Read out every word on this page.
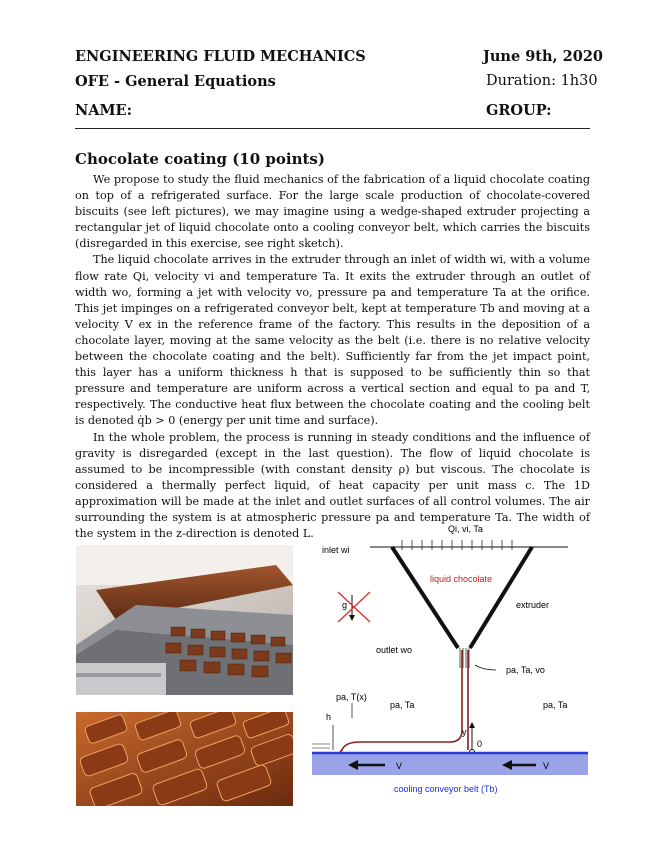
ENGINEERING FLUID MECHANICS	June 9th, 2020
OFE - General Equations	Duration: 1h30
NAME:	GROUP:
Chocolate coating (10 points)

We propose to study the fluid mechanics of the fabrication of a liquid chocolate coating on top of a refrigerated surface. For the large scale production of chocolate-covered biscuits (see left pictures), we may imagine using a wedge-shaped extruder projecting a rectangular jet of liquid chocolate onto a cooling conveyor belt, which carries the biscuits (disregarded in this exercise, see right sketch).

The liquid chocolate arrives in the extruder through an inlet of width wi, with a volume flow rate Qi, velocity vi and temperature Ta. It exits the extruder through an outlet of width wo, forming a jet with velocity vo, pressure pa and temperature Ta at the orifice. This jet impinges on a refrigerated conveyor belt, kept at temperature Tb and moving at a velocity V ex in the reference frame of the factory. This results in the deposition of a chocolate layer, moving at the same velocity as the belt (i.e. there is no relative velocity between the chocolate coating and the belt). Sufficiently far from the jet impact point, this layer has a uniform thickness h that is supposed to be sufficiently thin so that pressure and temperature are uniform across a vertical section and equal to pa and T, respectively. The conductive heat flux between the chocolate coating and the cooling belt is denoted q̇b > 0 (energy per unit time and surface).

In the whole problem, the process is running in steady conditions and the influence of gravity is disregarded (except in the last question). The flow of liquid chocolate is assumed to be incompressible (with constant density ρ) but viscous. The chocolate is considered a thermally perfect liquid, of heat capacity per unit mass c. The 1D approximation will be made at the inlet and outlet surfaces of all control volumes. The air surrounding the system is at atmospheric pressure pa and temperature Ta. The width of the system in the z-direction is denoted L.	Qi, vi, Ta
inlet wi
liquid chocolate
extruder
g
outlet wo
pa, Ta, vo
pa, T(x)
pa, Ta	pa, Ta
h
y
0
V	V
cooling conveyor belt (Tb)
